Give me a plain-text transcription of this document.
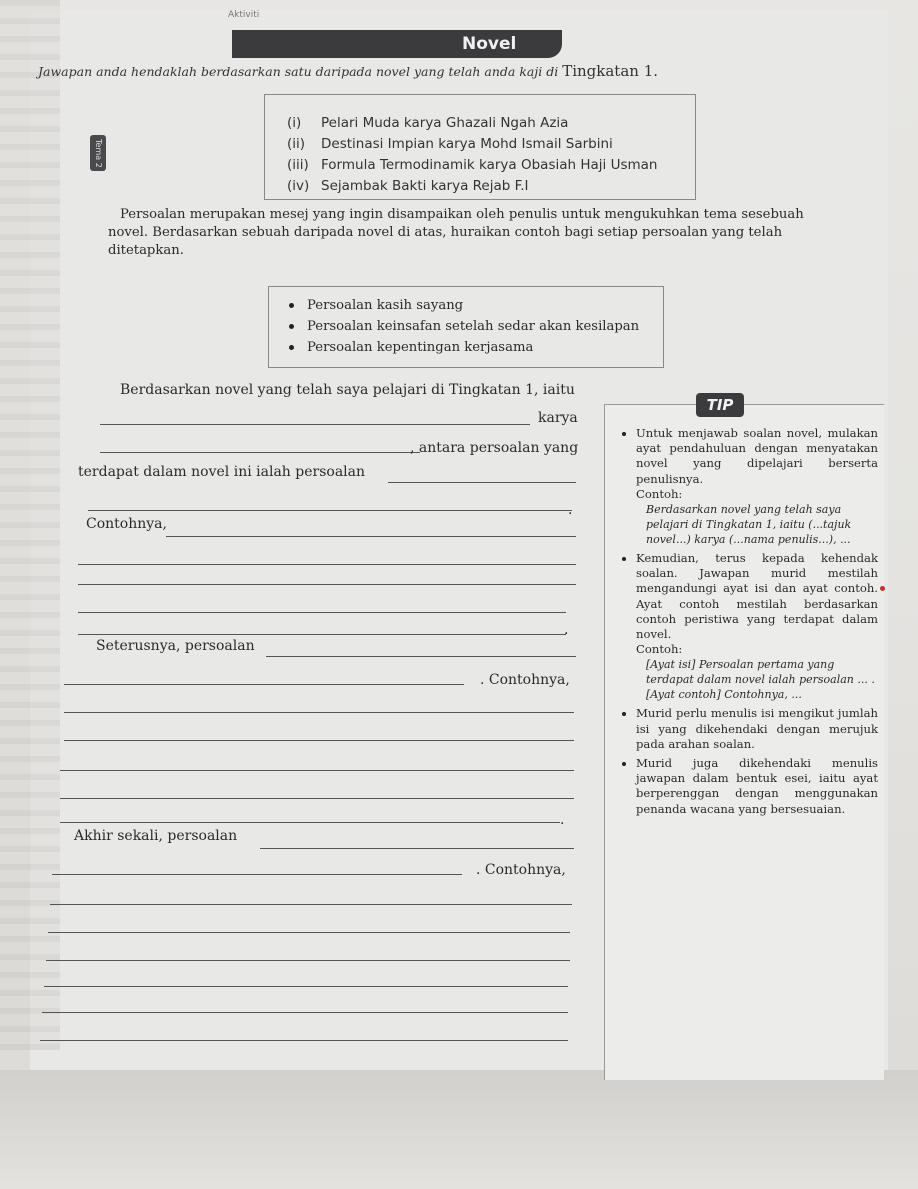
Aktiviti
Novel
Jawapan anda hendaklah berdasarkan satu daripada novel yang telah anda kaji di Tingkatan 1.
Tema 2
(i) Pelari Muda karya Ghazali Ngah Azia
(ii) Destinasi Impian karya Mohd Ismail Sarbini
(iii) Formula Termodinamik karya Obasiah Haji Usman
(iv) Sejambak Bakti karya Rejab F.I
Persoalan merupakan mesej yang ingin disampaikan oleh penulis untuk mengukuhkan tema sesebuah
novel. Berdasarkan sebuah daripada novel di atas, huraikan contoh bagi setiap persoalan yang telah
ditetapkan.
Persoalan kasih sayang
Persoalan keinsafan setelah sedar akan kesilapan
Persoalan kepentingan kerjasama
Berdasarkan novel yang telah saya pelajari di Tingkatan 1, iaitu
karya
, antara persoalan yang
terdapat dalam novel ini ialah persoalan
.
Contohnya,
.
Seterusnya, persoalan
. Contohnya,
.
Akhir sekali, persoalan
. Contohnya,
TIP
Untuk menjawab soalan novel, mulakan ayat pendahuluan dengan menyatakan novel yang dipelajari berserta penulisnya.
Contoh:
Berdasarkan novel yang telah saya pelajari di Tingkatan 1, iaitu (...tajuk novel...) karya (...nama penulis...), ...
Kemudian, terus kepada kehendak soalan. Jawapan murid mestilah mengandungi ayat isi dan ayat contoh. Ayat contoh mestilah berdasarkan contoh peristiwa yang terdapat dalam novel.
Contoh:
[Ayat isi] Persoalan pertama yang terdapat dalam novel ialah persoalan ... . [Ayat contoh] Contohnya, ...
Murid perlu menulis isi mengikut jumlah isi yang dikehendaki dengan merujuk pada arahan soalan.
Murid juga dikehendaki menulis jawapan dalam bentuk esei, iaitu ayat berperenggan dengan menggunakan penanda wacana yang bersesuaian.
